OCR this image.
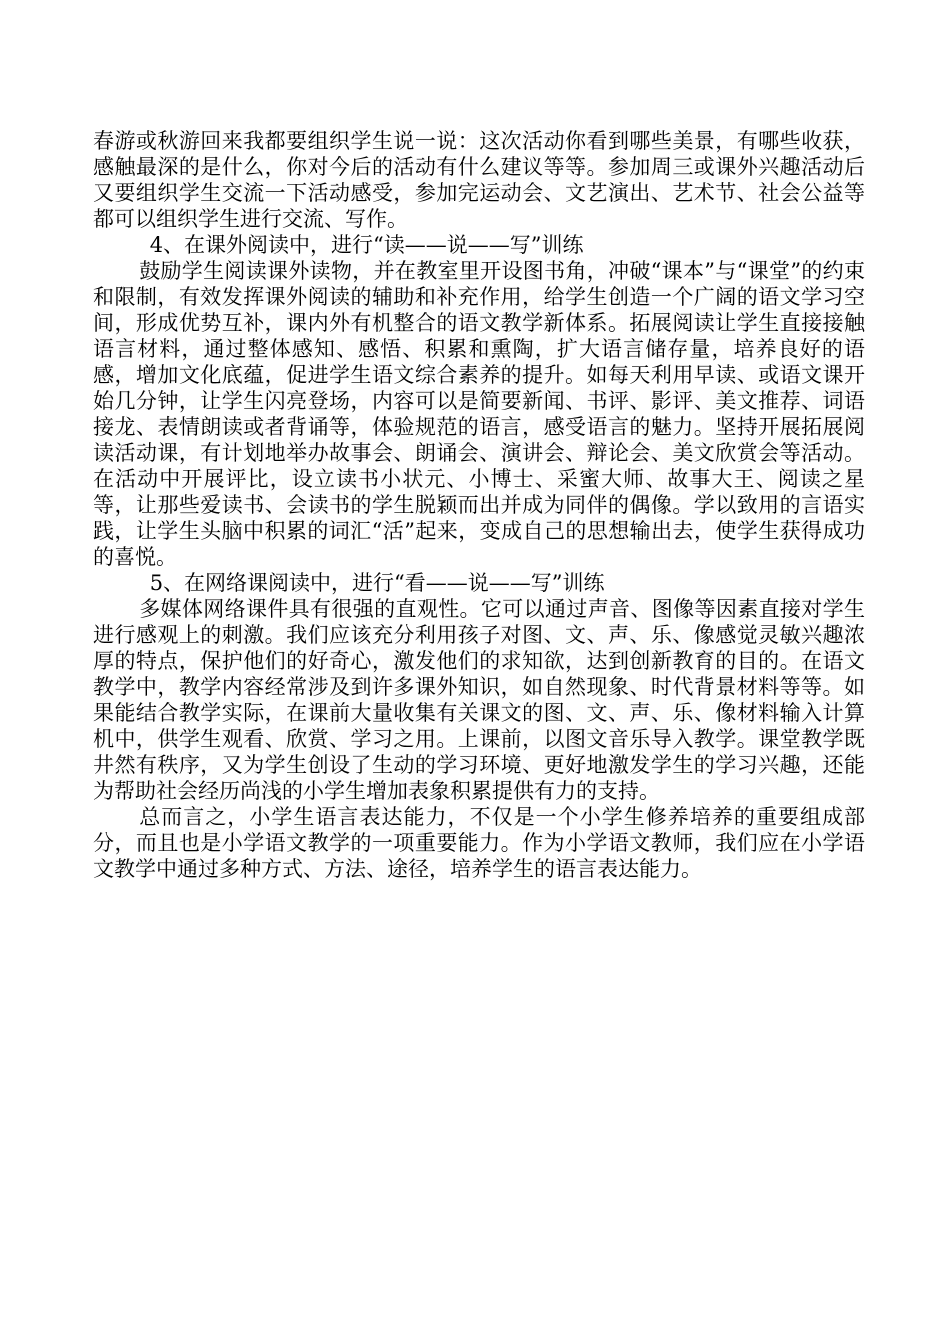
春游或秋游回来我都要组织学生说一说：这次活动你看到哪些美景，有哪些收获，感触最深的是什么，你对今后的活动有什么建议等等。参加周三或课外兴趣活动后又要组织学生交流一下活动感受，参加完运动会、文艺演出、艺术节、社会公益等都可以组织学生进行交流、写作。

4、在课外阅读中，进行“读——说——写”训练

鼓励学生阅读课外读物，并在教室里开设图书角，冲破“课本”与“课堂”的约束和限制，有效发挥课外阅读的辅助和补充作用，给学生创造一个广阔的语文学习空间，形成优势互补，课内外有机整合的语文教学新体系。拓展阅读让学生直接接触语言材料，通过整体感知、感悟、积累和熏陶，扩大语言储存量，培养良好的语感，增加文化底蕴，促进学生语文综合素养的提升。如每天利用早读、或语文课开始几分钟，让学生闪亮登场，内容可以是简要新闻、书评、影评、美文推荐、词语接龙、表情朗读或者背诵等，体验规范的语言，感受语言的魅力。坚持开展拓展阅读活动课，有计划地举办故事会、朗诵会、演讲会、辩论会、美文欣赏会等活动。在活动中开展评比，设立读书小状元、小博士、采蜜大师、故事大王、阅读之星等，让那些爱读书、会读书的学生脱颖而出并成为同伴的偶像。学以致用的言语实践，让学生头脑中积累的词汇“活”起来，变成自己的思想输出去，使学生获得成功的喜悦。

5、在网络课阅读中，进行“看——说——写”训练

多媒体网络课件具有很强的直观性。它可以通过声音、图像等因素直接对学生进行感观上的刺激。我们应该充分利用孩子对图、文、声、乐、像感觉灵敏兴趣浓厚的特点，保护他们的好奇心，激发他们的求知欲，达到创新教育的目的。在语文教学中，教学内容经常涉及到许多课外知识，如自然现象、时代背景材料等等。如果能结合教学实际，在课前大量收集有关课文的图、文、声、乐、像材料输入计算机中，供学生观看、欣赏、学习之用。上课前，以图文音乐导入教学。课堂教学既井然有秩序，又为学生创设了生动的学习环境、更好地激发学生的学习兴趣，还能为帮助社会经历尚浅的小学生增加表象积累提供有力的支持。

总而言之，小学生语言表达能力，不仅是一个小学生修养培养的重要组成部分，而且也是小学语文教学的一项重要能力。作为小学语文教师，我们应在小学语文教学中通过多种方式、方法、途径，培养学生的语言表达能力。
